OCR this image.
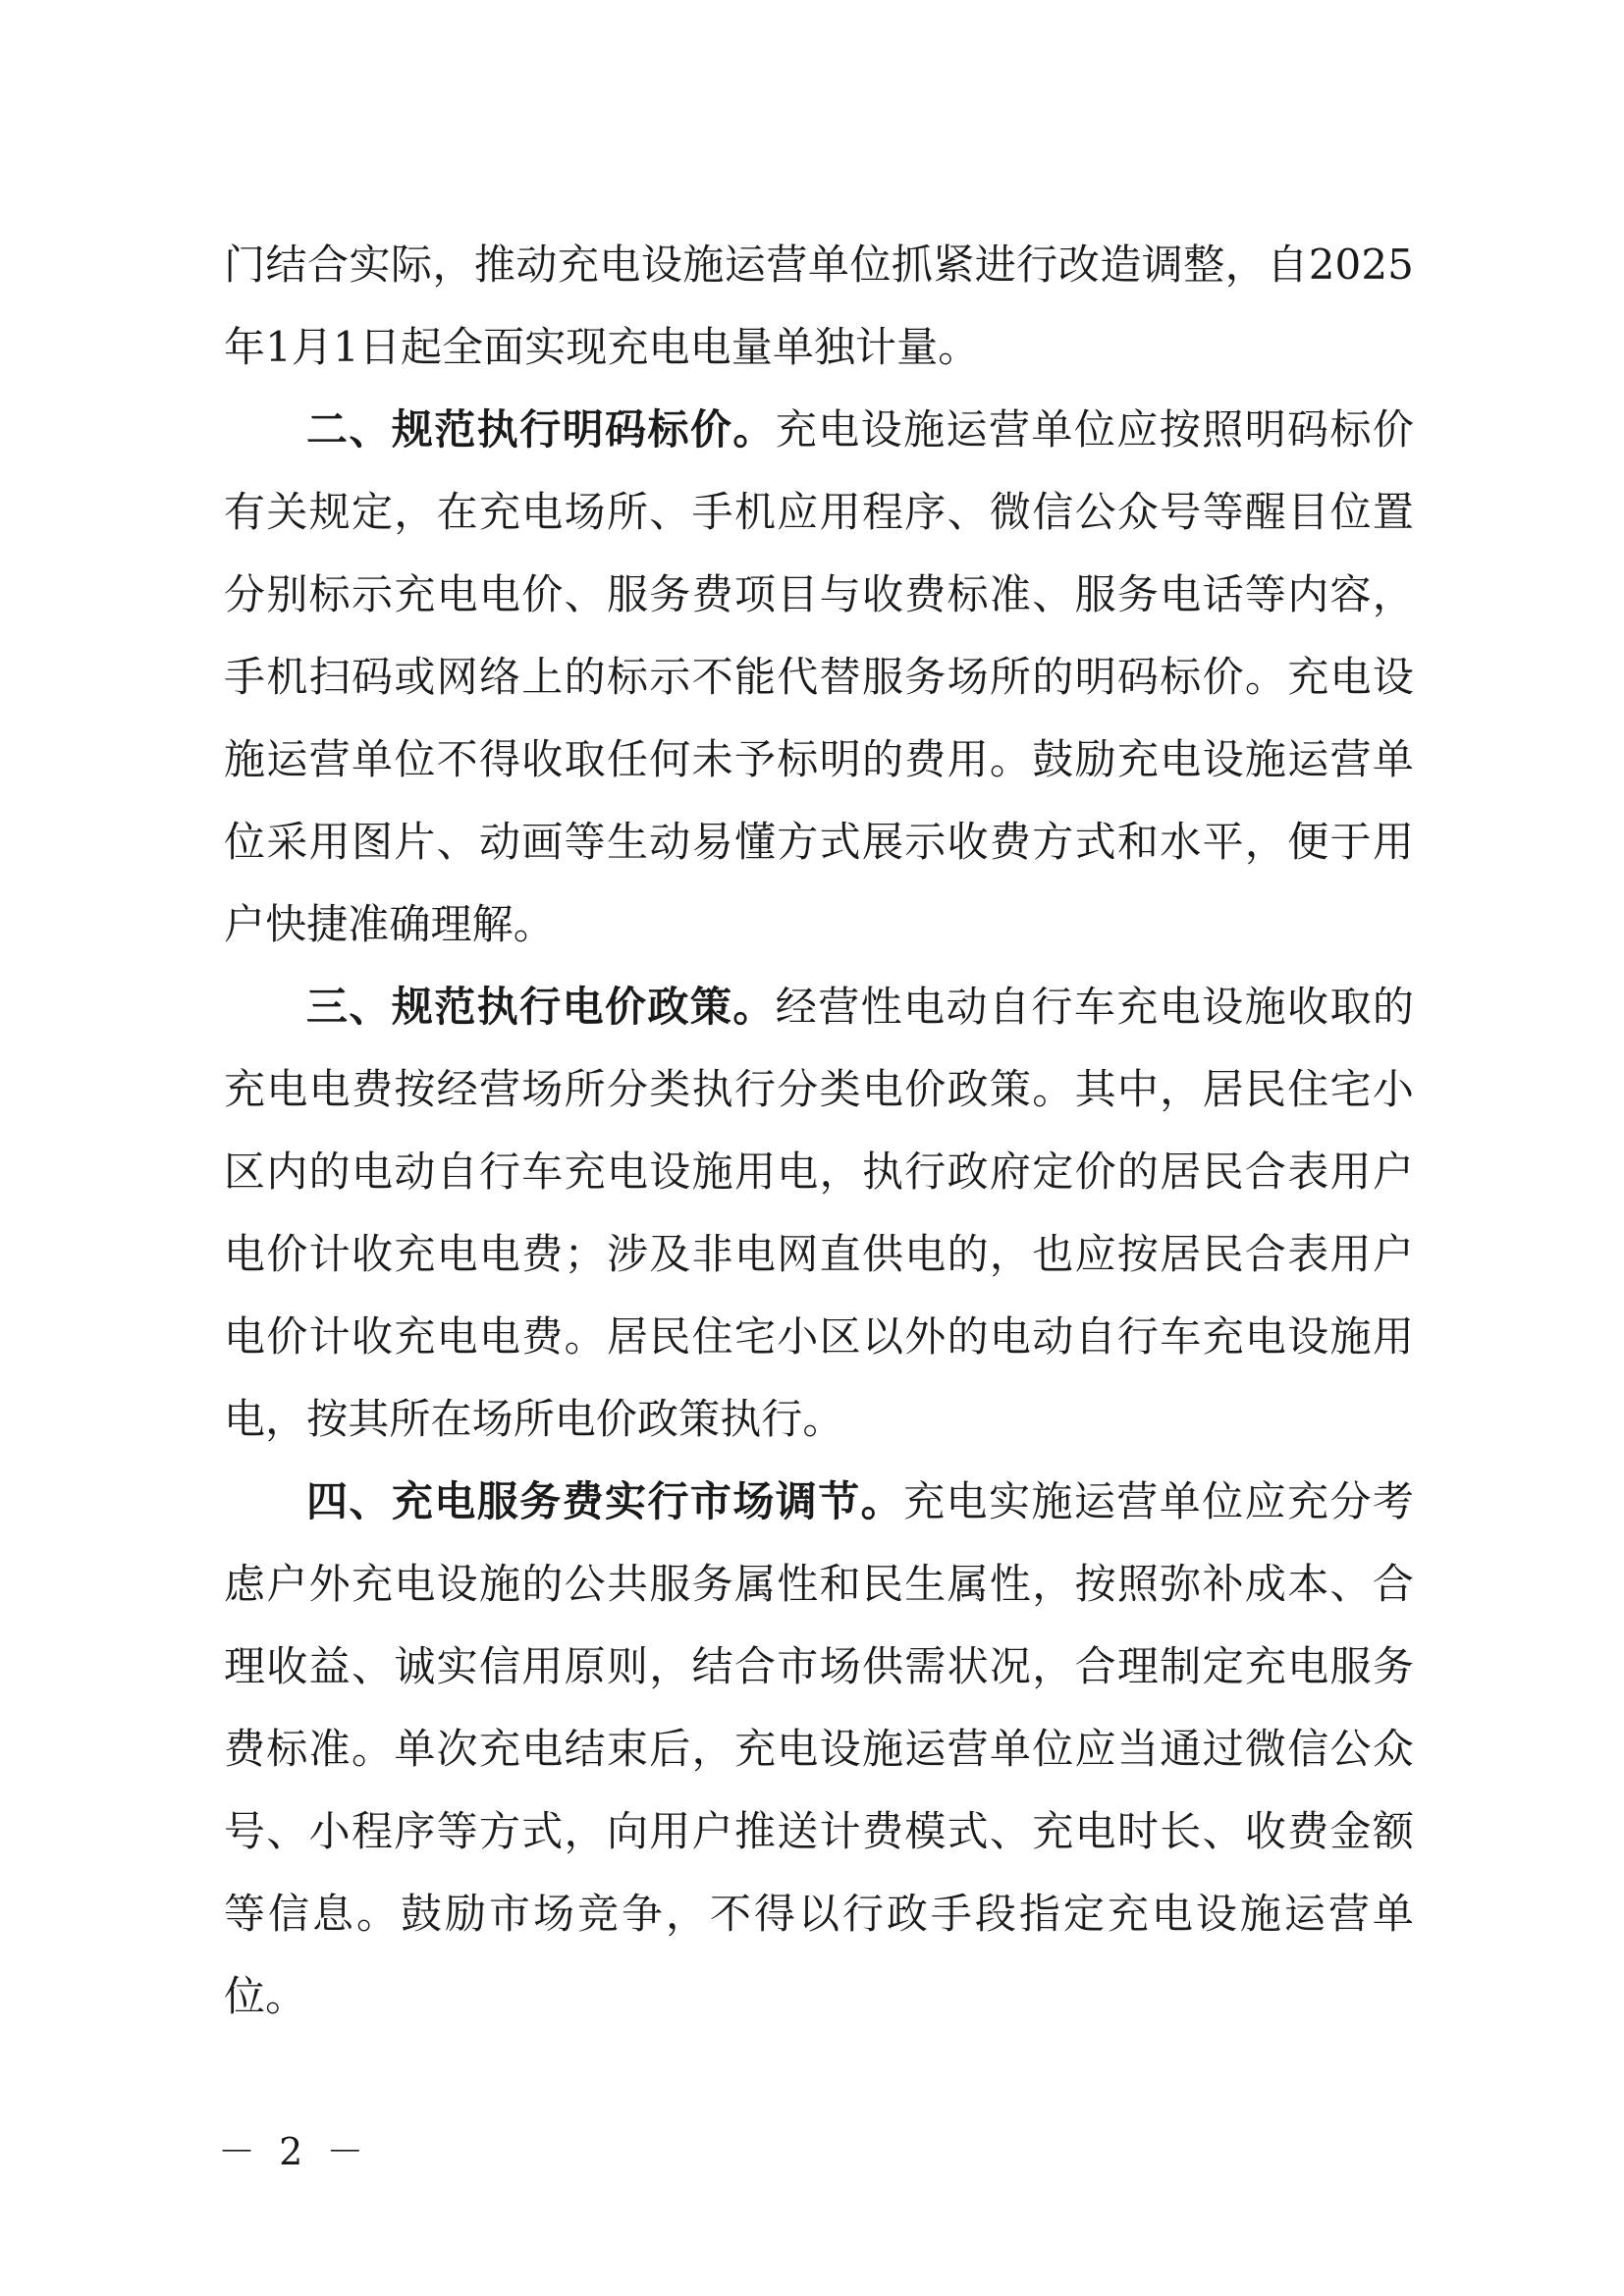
门结合实际，推动充电设施运营单位抓紧进行改造调整，自2025年1月1日起全面实现充电电量单独计量。

二、规范执行明码标价。充电设施运营单位应按照明码标价有关规定，在充电场所、手机应用程序、微信公众号等醒目位置分别标示充电电价、服务费项目与收费标准、服务电话等内容，手机扫码或网络上的标示不能代替服务场所的明码标价。充电设施运营单位不得收取任何未予标明的费用。鼓励充电设施运营单位采用图片、动画等生动易懂方式展示收费方式和水平，便于用户快捷准确理解。

三、规范执行电价政策。经营性电动自行车充电设施收取的充电电费按经营场所分类执行分类电价政策。其中，居民住宅小区内的电动自行车充电设施用电，执行政府定价的居民合表用户电价计收充电电费；涉及非电网直供电的，也应按居民合表用户电价计收充电电费。居民住宅小区以外的电动自行车充电设施用电，按其所在场所电价政策执行。

四、充电服务费实行市场调节。充电实施运营单位应充分考虑户外充电设施的公共服务属性和民生属性，按照弥补成本、合理收益、诚实信用原则，结合市场供需状况，合理制定充电服务费标准。单次充电结束后，充电设施运营单位应当通过微信公众号、小程序等方式，向用户推送计费模式、充电时长、收费金额等信息。鼓励市场竞争，不得以行政手段指定充电设施运营单位。

－ 2 －
